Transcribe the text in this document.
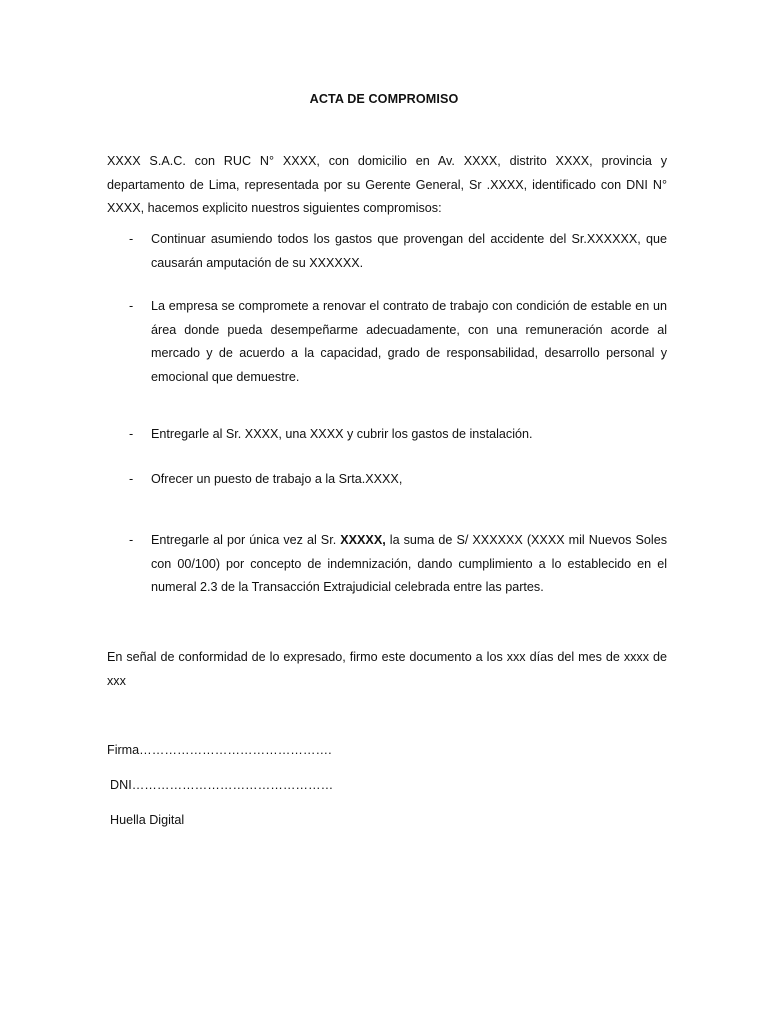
ACTA DE COMPROMISO
XXXX S.A.C. con RUC N° XXXX, con domicilio en Av. XXXX, distrito XXXX, provincia y departamento de Lima, representada por su Gerente General, Sr .XXXX, identificado con DNI N° XXXX, hacemos explicito nuestros siguientes compromisos:
-	Continuar asumiendo todos los gastos que provengan del accidente del Sr.XXXXXX, que causarán amputación de su XXXXXX.
-	La empresa se compromete a renovar el contrato de trabajo con condición de estable en un área donde pueda desempeñarme adecuadamente, con una remuneración acorde al mercado y de acuerdo a la capacidad, grado de responsabilidad, desarrollo personal y emocional que demuestre.
-	Entregarle al Sr. XXXX, una XXXX y cubrir los gastos de instalación.
-	Ofrecer un puesto de trabajo a la Srta.XXXX,
-	Entregarle al por única vez al Sr. XXXXX, la suma de S/ XXXXXX (XXXX mil Nuevos Soles con 00/100) por concepto de indemnización, dando cumplimiento a lo establecido en el numeral 2.3 de la Transacción Extrajudicial celebrada entre las partes.
En señal de conformidad de lo expresado, firmo este documento a los xxx días del mes de xxxx de xxx
Firma……………………………………….
DNI…………………………………………
Huella Digital
